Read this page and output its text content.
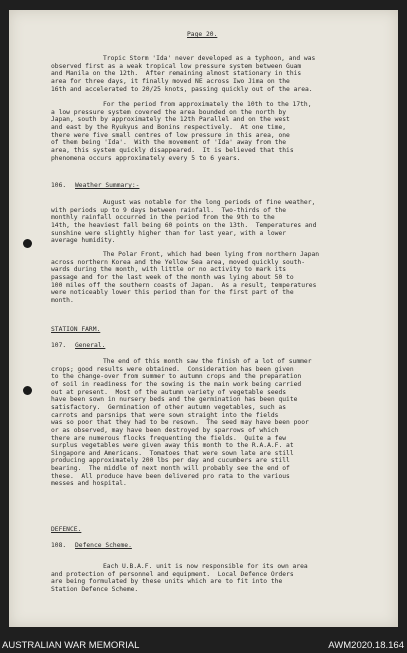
Page 20.
Tropic Storm 'Ida' never developed as a typhoon, and was
observed first as a weak tropical low pressure system between Guam
and Manila on the 12th.  After remaining almost stationary in this
area for three days, it finally moved NE across Iwo Jima on the
16th and accelerated to 20/25 knots, passing quickly out of the area.
For the period from approximately the 10th to the 17th,
a low pressure system covered the area bounded on the north by
Japan, south by approximately the 12th Parallel and on the west
and east by the Ryukyus and Bonins respectively.  At one time,
there were five small centres of low pressure in this area, one
of them being 'Ida'.  With the movement of 'Ida' away from the
area, this system quickly disappeared.  It is believed that this
phenomena occurs approximately every 5 to 6 years.
106. Weather Summary:-
August was notable for the long periods of fine weather,
with periods up to 9 days between rainfall.  Two-thirds of the
monthly rainfall occurred in the period from the 9th to the
14th, the heaviest fall being 60 points on the 13th.  Temperatures and
sunshine were slightly higher than for last year, with a lower
average humidity.
The Polar Front, which had been lying from northern Japan
across northern Korea and the Yellow Sea area, moved quickly south-
wards during the month, with little or no activity to mark its
passage and for the last week of the month was lying about 50 to
100 miles off the southern coasts of Japan.  As a result, temperatures
were noticeably lower this period than for the first part of the
month.
STATION FARM.
107. General.
The end of this month saw the finish of a lot of summer
crops; good results were obtained.  Consideration has been given
to the change-over from summer to autumn crops and the preparation
of soil in readiness for the sowing is the main work being carried
out at present.  Most of the autumn variety of vegetable seeds
have been sown in nursery beds and the germination has been quite
satisfactory.  Germination of other autumn vegetables, such as
carrots and parsnips that were sown straight into the fields
was so poor that they had to be resown.  The seed may have been poor
or as observed, may have been destroyed by sparrows of which
there are numerous flocks frequenting the fields.  Quite a few
surplus vegetables were given away this month to the R.A.A.F. at
Singapore and Americans.  Tomatoes that were sown late are still
producing approximately 200 lbs per day and cucumbers are still
bearing.  The middle of next month will probably see the end of
these.  All produce have been delivered pro rata to the various
messes and hospital.
DEFENCE.
108. Defence Scheme.
Each U.B.A.F. unit is now responsible for its own area
and protection of personnel and equipment.  Local Defence Orders
are being formulated by these units which are to fit into the
Station Defence Scheme.
AUSTRALIAN WAR MEMORIAL	AWM2020.18.164
